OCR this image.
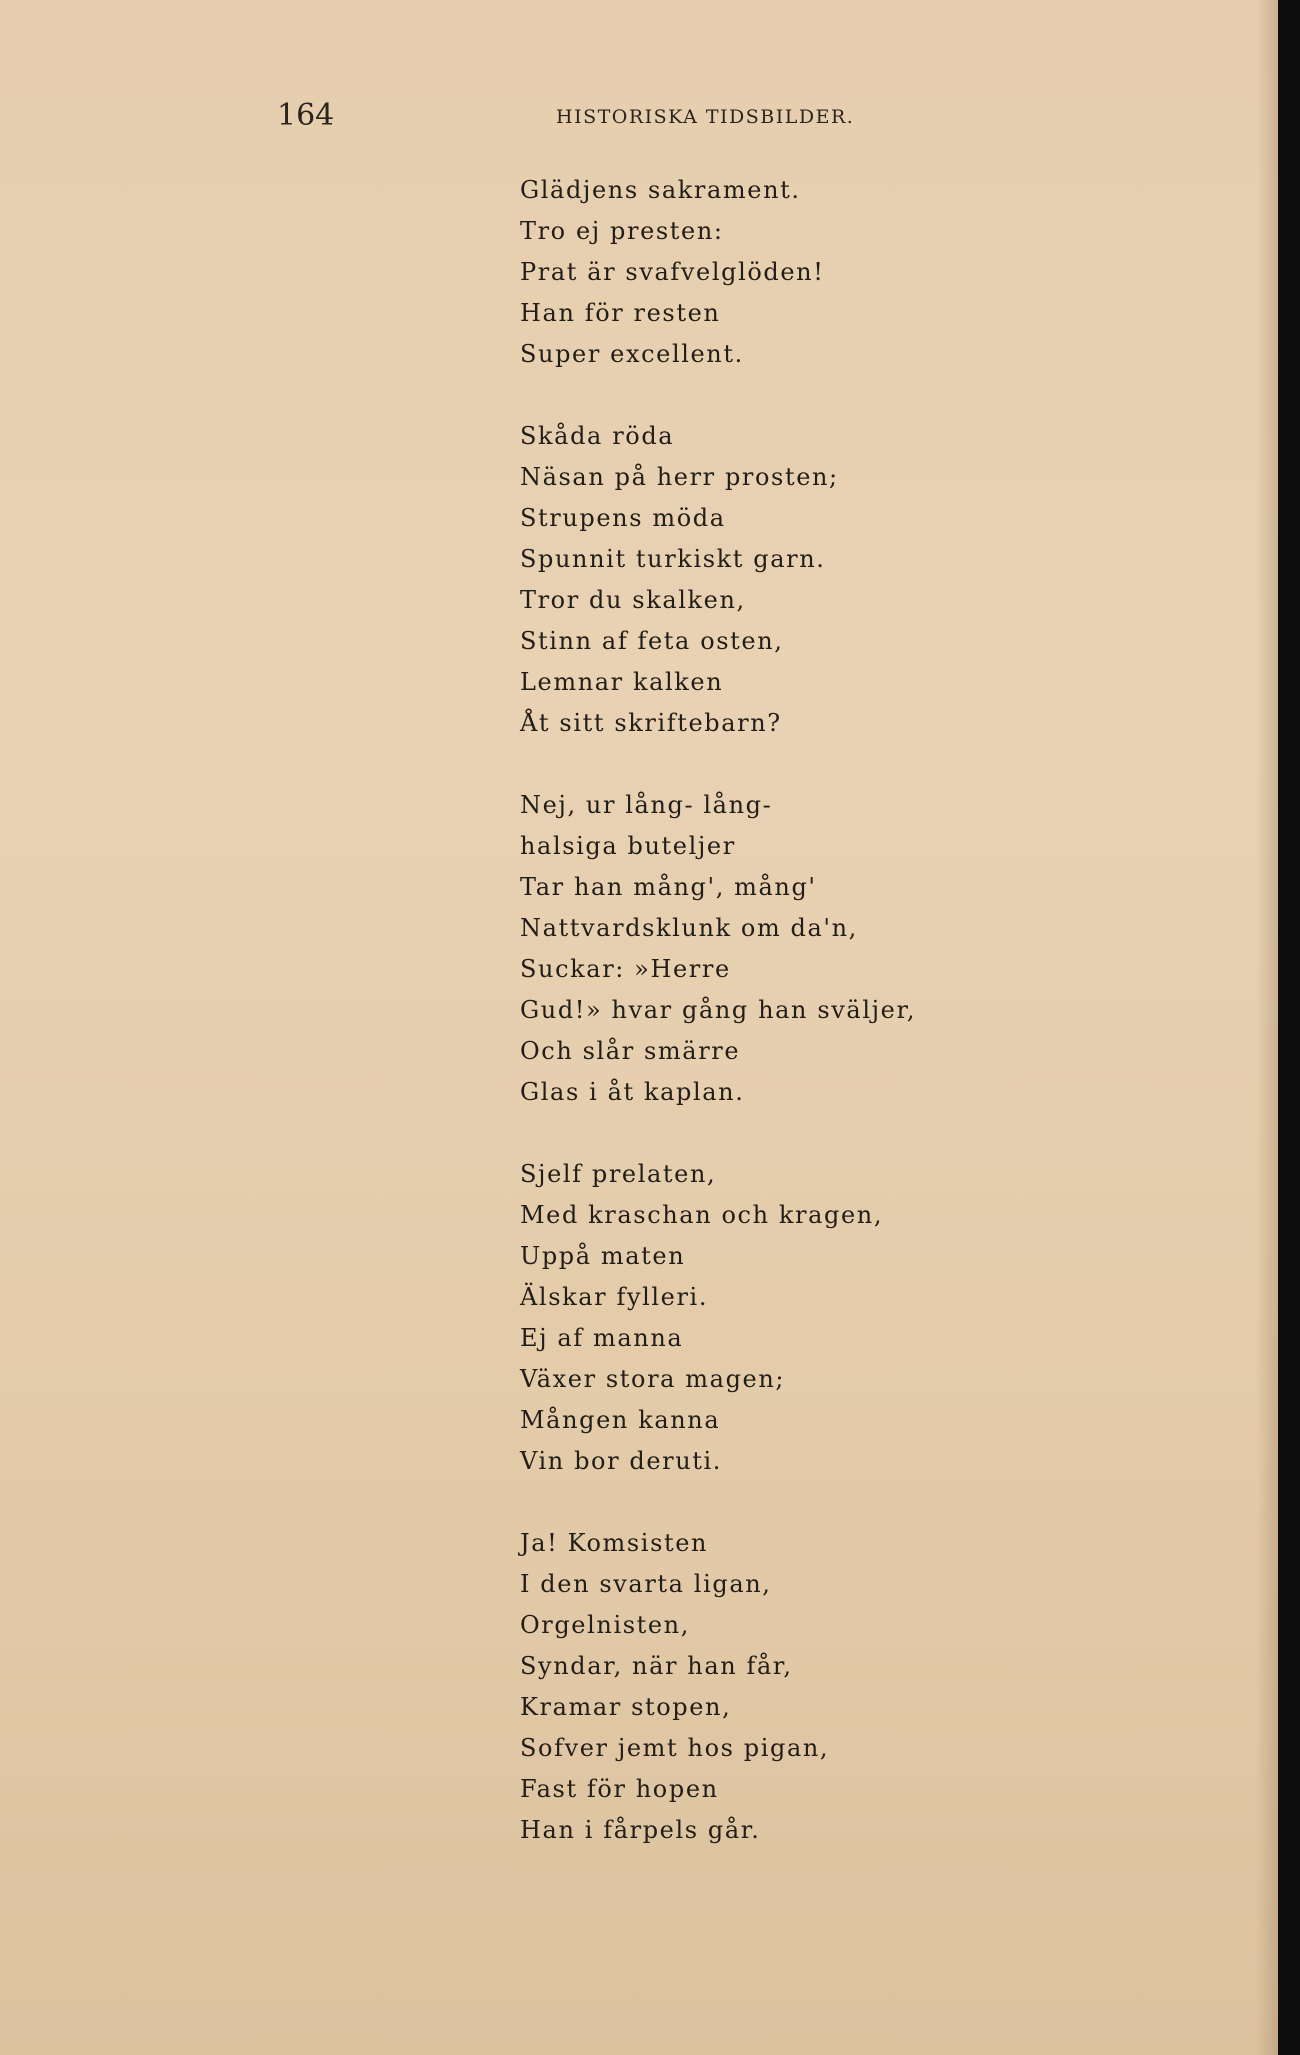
164	HISTORISKA TIDSBILDER.
Glädjens sakrament.
Tro ej presten:
Prat är svafvelglöden!
Han för resten
Super excellent.
Skåda röda
Näsan på herr prosten;
Strupens möda
Spunnit turkiskt garn.
Tror du skalken,
Stinn af feta osten,
Lemnar kalken
Åt sitt skriftebarn?
Nej, ur lång- lång-
halsiga buteljer
Tar han mång', mång'
Nattvardsklunk om da'n,
Suckar: »Herre
Gud!» hvar gång han sväljer,
Och slår smärre
Glas i åt kaplan.
Sjelf prelaten,
Med kraschan och kragen,
Uppå maten
Älskar fylleri.
Ej af manna
Växer stora magen;
Mången kanna
Vin bor deruti.
Ja! Komsisten
I den svarta ligan,
Orgelnisten,
Syndar, när han får,
Kramar stopen,
Sofver jemt hos pigan,
Fast för hopen
Han i fårpels går.
